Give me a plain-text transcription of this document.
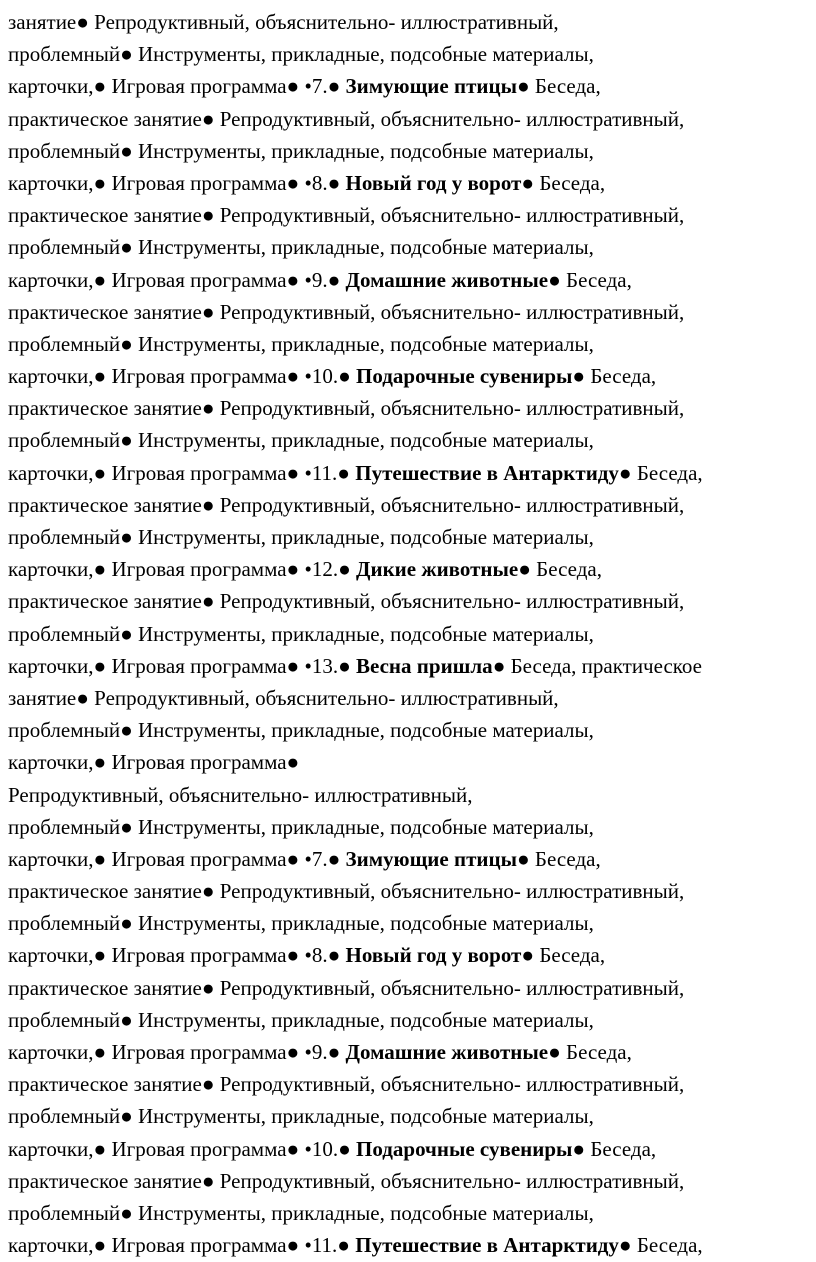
занятие● Репродуктивный, объяснительно- иллюстративный,
проблемный● Инструменты, прикладные, подсобные материалы,
карточки,● Игровая программа● •7.● Зимующие птицы● Беседа,
практическое занятие● Репродуктивный, объяснительно- иллюстративный,
проблемный● Инструменты, прикладные, подсобные материалы,
карточки,● Игровая программа● •8.● Новый год у ворот● Беседа,
практическое занятие● Репродуктивный, объяснительно- иллюстративный,
проблемный● Инструменты, прикладные, подсобные материалы,
карточки,● Игровая программа● •9.● Домашние животные● Беседа,
практическое занятие● Репродуктивный, объяснительно- иллюстративный,
проблемный● Инструменты, прикладные, подсобные материалы,
карточки,● Игровая программа● •10.● Подарочные сувениры● Беседа,
практическое занятие● Репродуктивный, объяснительно- иллюстративный,
проблемный● Инструменты, прикладные, подсобные материалы,
карточки,● Игровая программа● •11.● Путешествие в Антарктиду● Беседа,
практическое занятие● Репродуктивный, объяснительно- иллюстративный,
проблемный● Инструменты, прикладные, подсобные материалы,
карточки,● Игровая программа● •12.● Дикие животные● Беседа,
практическое занятие● Репродуктивный, объяснительно- иллюстративный,
проблемный● Инструменты, прикладные, подсобные материалы,
карточки,● Игровая программа● •13.● Весна пришла● Беседа, практическое
занятие● Репродуктивный, объяснительно- иллюстративный,
проблемный● Инструменты, прикладные, подсобные материалы,
карточки,● Игровая программа●
Репродуктивный, объяснительно- иллюстративный,
проблемный● Инструменты, прикладные, подсобные материалы,
карточки,● Игровая программа● •7.● Зимующие птицы● Беседа,
практическое занятие● Репродуктивный, объяснительно- иллюстративный,
проблемный● Инструменты, прикладные, подсобные материалы,
карточки,● Игровая программа● •8.● Новый год у ворот● Беседа,
практическое занятие● Репродуктивный, объяснительно- иллюстративный,
проблемный● Инструменты, прикладные, подсобные материалы,
карточки,● Игровая программа● •9.● Домашние животные● Беседа,
практическое занятие● Репродуктивный, объяснительно- иллюстративный,
проблемный● Инструменты, прикладные, подсобные материалы,
карточки,● Игровая программа● •10.● Подарочные сувениры● Беседа,
практическое занятие● Репродуктивный, объяснительно- иллюстративный,
проблемный● Инструменты, прикладные, подсобные материалы,
карточки,● Игровая программа● •11.● Путешествие в Антарктиду● Беседа,
